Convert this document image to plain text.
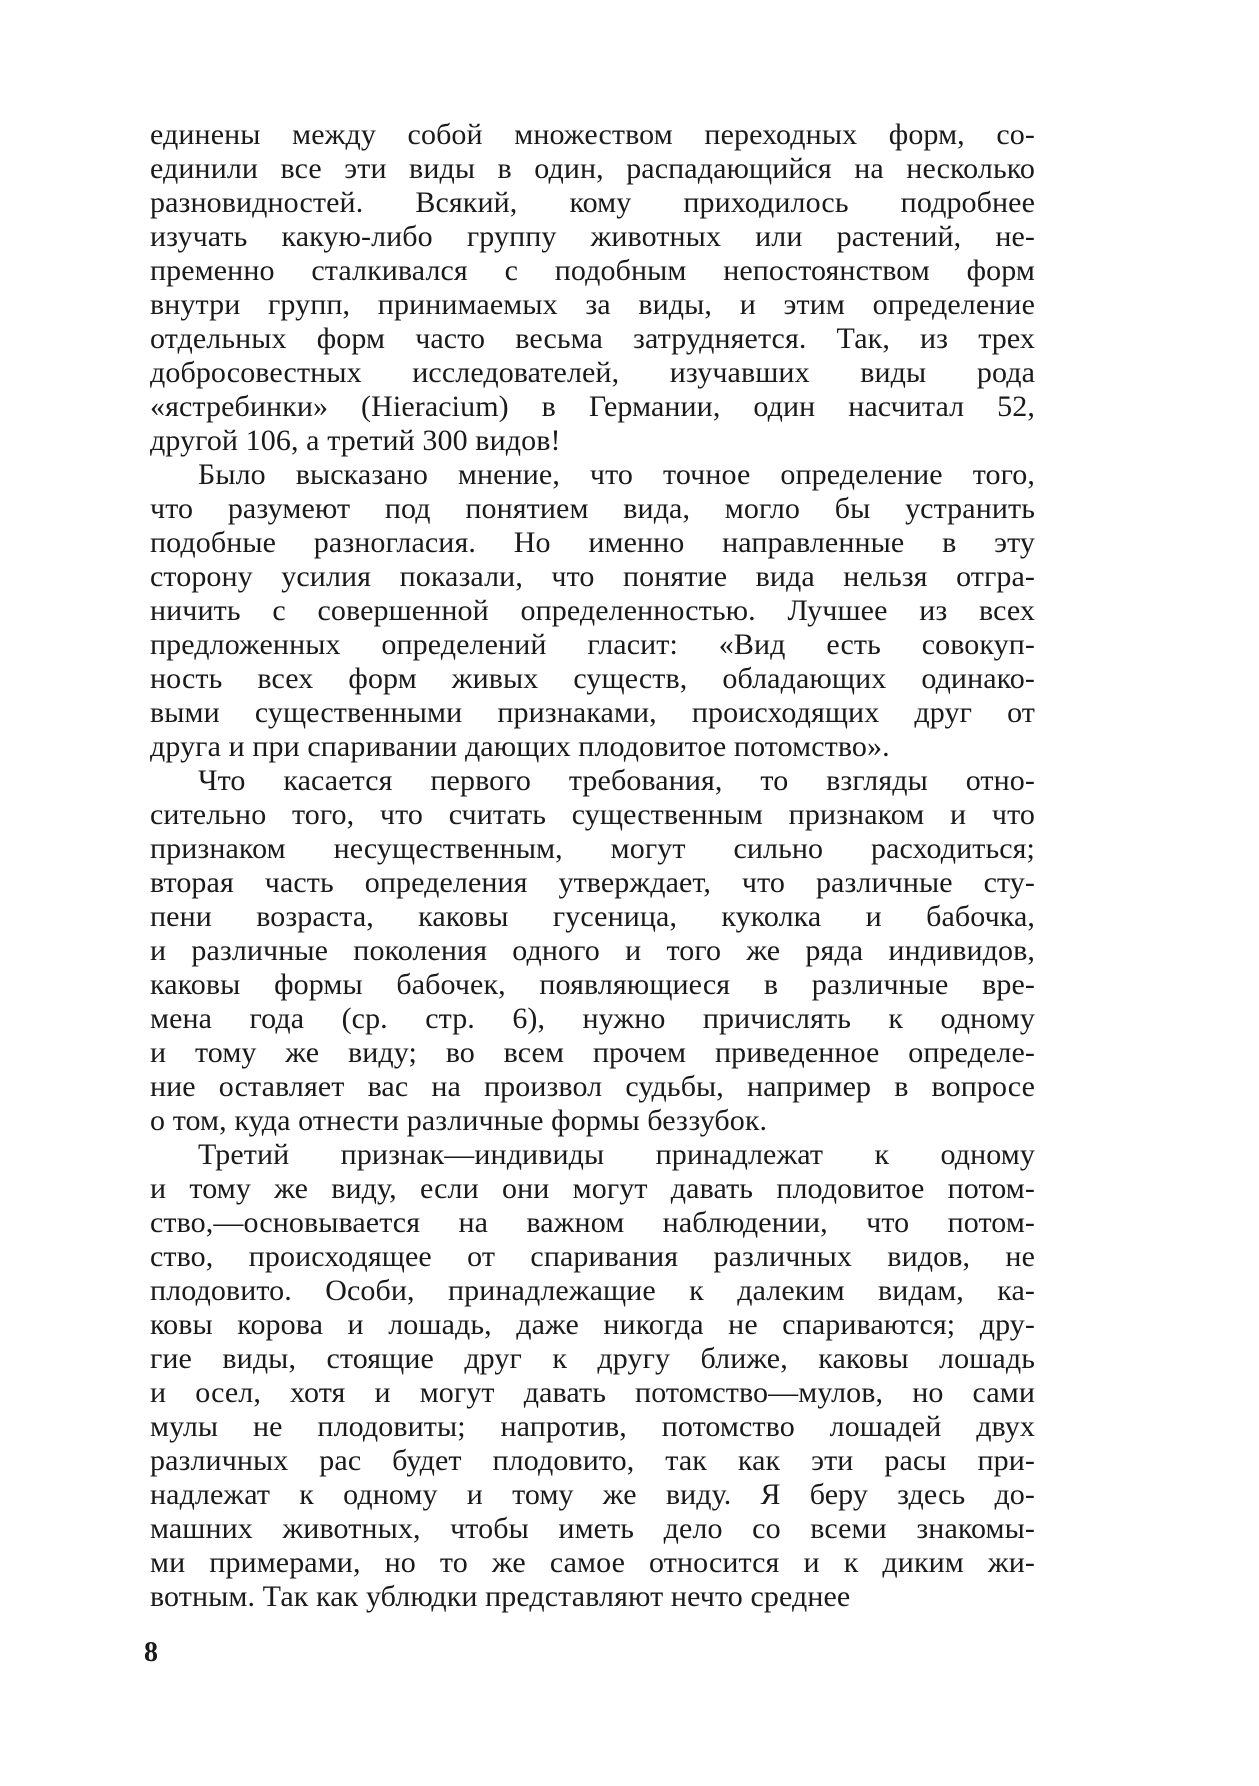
единены между собой множеством переходных форм, со-
единили все эти виды в один, распадающийся на несколько
разновидностей. Всякий, кому приходилось подробнее
изучать какую-либо группу животных или растений, не-
пременно сталкивался с подобным непостоянством форм
внутри групп, принимаемых за виды, и этим определение
отдельных форм часто весьма затрудняется. Так, из трех
добросовестных исследователей, изучавших виды рода
«ястребинки» (Hieracium) в Германии, один насчитал 52,
другой 106, а третий 300 видов!
Было высказано мнение, что точное определение того,
что разумеют под понятием вида, могло бы устранить
подобные разногласия. Но именно направленные в эту
сторону усилия показали, что понятие вида нельзя отгра-
ничить с совершенной определенностью. Лучшее из всех
предложенных определений гласит: «Вид есть совокуп-
ность всех форм живых существ, обладающих одинако-
выми существенными признаками, происходящих друг от
друга и при спаривании дающих плодовитое потомство».
Что касается первого требования, то взгляды отно-
сительно того, что считать существенным признаком и что
признаком несущественным, могут сильно расходиться;
вторая часть определения утверждает, что различные сту-
пени возраста, каковы гусеница, куколка и бабочка,
и различные поколения одного и того же ряда индивидов,
каковы формы бабочек, появляющиеся в различные вре-
мена года (ср. стр. 6), нужно причислять к одному
и тому же виду; во всем прочем приведенное определе-
ние оставляет вас на произвол судьбы, например в вопросе
о том, куда отнести различные формы беззубок.
Третий признак—индивиды принадлежат к одному
и тому же виду, если они могут давать плодовитое потом-
ство,—основывается на важном наблюдении, что потом-
ство, происходящее от спаривания различных видов, не
плодовито. Особи, принадлежащие к далеким видам, ка-
ковы корова и лошадь, даже никогда не спариваются; дру-
гие виды, стоящие друг к другу ближе, каковы лошадь
и осел, хотя и могут давать потомство—мулов, но сами
мулы не плодовиты; напротив, потомство лошадей двух
различных рас будет плодовито, так как эти расы при-
надлежат к одному и тому же виду. Я беру здесь до-
машних животных, чтобы иметь дело со всеми знакомы-
ми примерами, но то же самое относится и к диким жи-
вотным. Так как ублюдки представляют нечто среднее
8
